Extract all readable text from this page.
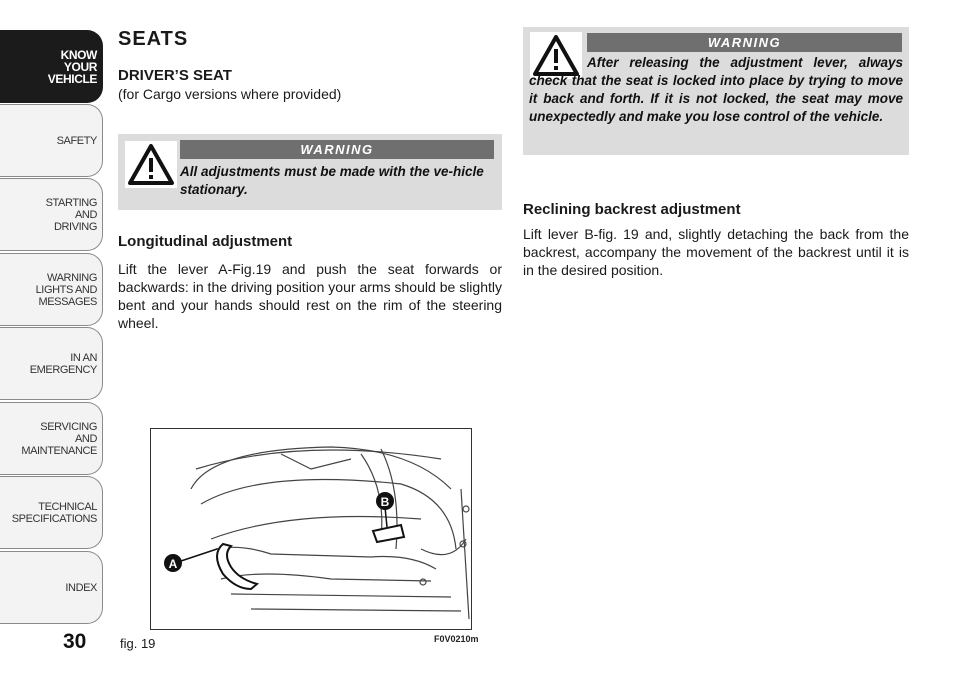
KNOW
YOUR
VEHICLE
SAFETY
STARTING
AND
DRIVING
WARNING
LIGHTS AND
MESSAGES
IN AN
EMERGENCY
SERVICING
AND
MAINTENANCE
TECHNICAL
SPECIFICATIONS
INDEX
30
SEATS
DRIVER’S SEAT
(for Cargo versions where provided)
WARNING
All adjustments must be made with the ve-hicle stationary.
Longitudinal adjustment
Lift the lever A-Fig.19 and push the seat forwards or backwards: in the driving position your arms should be slightly bent and your hands should rest on the rim of the steering wheel.
B
A
fig. 19	F0V0210m
WARNING
After releasing the adjustment lever, always check that the seat is locked into place by trying to move it back and forth. If it is not locked, the seat may move unexpectedly and make you lose control of the vehicle.
Reclining backrest adjustment
Lift lever B-fig. 19 and, slightly detaching the back from the backrest, accompany the movement of the backrest until it is in the desired position.
